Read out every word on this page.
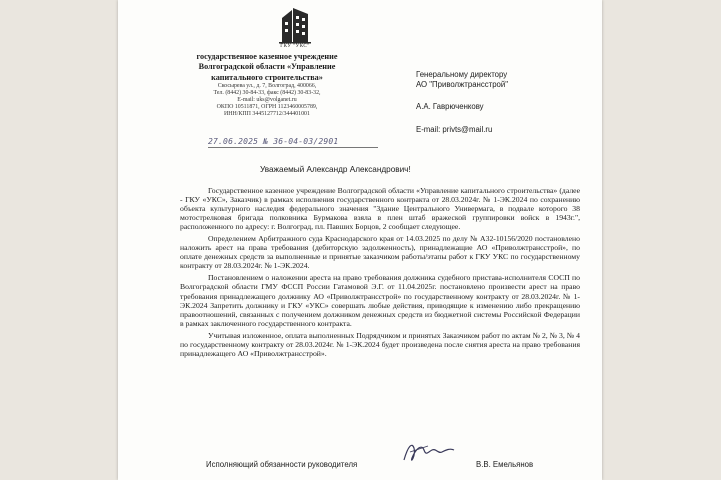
ГКУ "УКС"
государственное казенное учреждение
Волгоградской области «Управление
капитального строительства»
Скосырева ул., д. 7, Волгоград, 400066,
Тел. (8442) 30-84-33, факс (8442) 30-83-32,
E-mail: uks@volganet.ru
ОКПО 10511871, ОГРН 1123460005789,
ИНН/КПП 3445127712/344401001
27.06.2025 № 36-04-03/2901
Генеральному директору
АО "Приволжтрансстрой"
А.А. Гаврюченкову
E-mail: privts@mail.ru
Уважаемый Александр Александрович!

Государственное казенное учреждение Волгоградской области «Управление капитального строительства» (далее - ГКУ «УКС», Заказчик) в рамках исполнения государственного контракта от 28.03.2024г. № 1-ЭК.2024 по сохранению объекта культурного наследия федерального значения "Здание Центрального Универмага, в подвале которого 38 мотострелковая бригада полковника Бурмакова взяла в плен штаб вражеской группировки войск в 1943г.", расположенного по адресу: г. Волгоград, пл. Павших Борцов, 2 сообщает следующее.

Определением Арбитражного суда Краснодарского края от 14.03.2025 по делу № А32-10156/2020 постановлено наложить арест на права требования (дебиторскую задолженность), принадлежащие АО «Приволжтрансстрой», по оплате денежных средств за выполненные и принятые заказчиком работы/этапы работ к ГКУ УКС по государственному контракту от 28.03.2024г. № 1-ЭК.2024.

Постановлением о наложении ареста на право требования должника судебного пристава-исполнителя СОСП по Волгоградской области ГМУ ФССП России Гатамовой Э.Г. от 11.04.2025г. постановлено произвести арест на право требования принадлежащего должнику АО «Приволжтрансстрой» по государственному контракту от 28.03.2024г. № 1-ЭК.2024 Запретить должнику и ГКУ «УКС» совершать любые действия, приводящие к изменению либо прекращению правоотношений, связанных с получением должником денежных средств из бюджетной системы Российской Федерации в рамках заключенного государственного контракта.

Учитывая изложенное, оплата выполненных Подрядчиком и принятых Заказчиком работ по актам № 2, № 3, № 4 по государственному контракту от 28.03.2024г. № 1-ЭК.2024 будет произведена после снятия ареста на право требования принадлежащего АО «Приволжтрансстрой».

Исполняющий обязанности руководителя	В.В. Емельянов
